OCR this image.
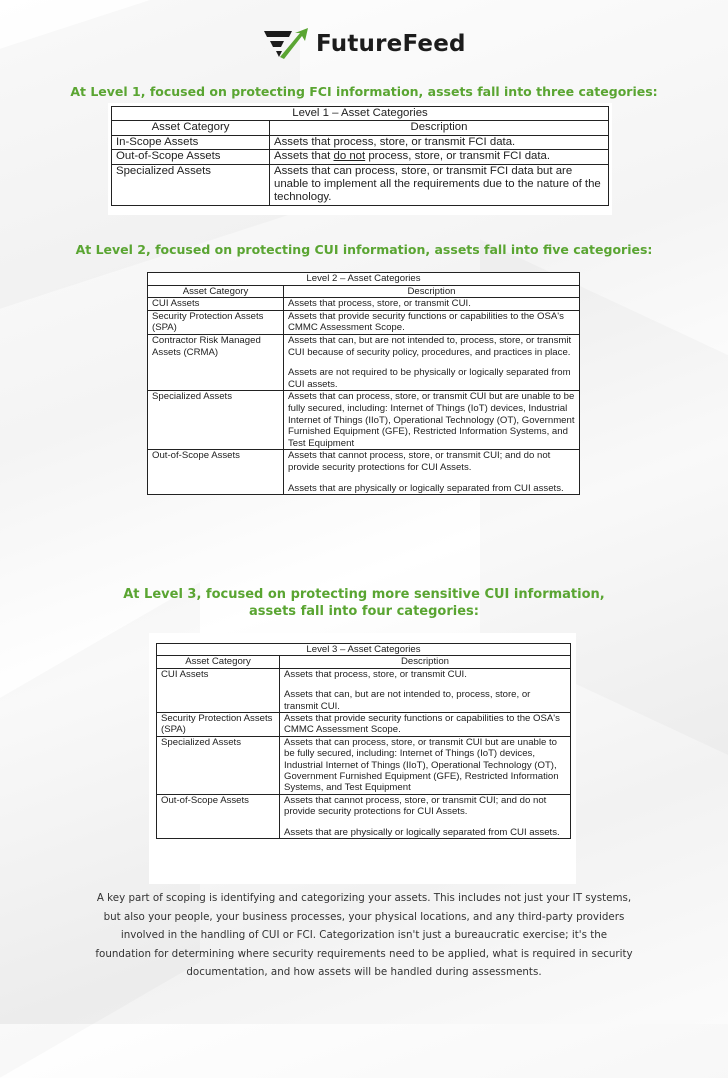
FutureFeed
At Level 1, focused on protecting FCI information, assets fall into three categories:
Level 1 – Asset Categories	
Asset Category	Description
In-Scope Assets	Assets that process, store, or transmit FCI data.
Out-of-Scope Assets	Assets that do not process, store, or transmit FCI data.
Specialized Assets	Assets that can process, store, or transmit FCI data but are unable to implement all the requirements due to the nature of the technology.
At Level 2, focused on protecting CUI information, assets fall into five categories:
Level 2 – Asset Categories	
Asset Category	Description
CUI Assets	Assets that process, store, or transmit CUI.
Security Protection Assets (SPA)	Assets that provide security functions or capabilities to the OSA's CMMC Assessment Scope.
Contractor Risk Managed Assets (CRMA)	Assets that can, but are not intended to, process, store, or transmit CUI because of security policy, procedures, and practices in place.
Assets are not required to be physically or logically separated from CUI assets.

Specialized Assets	Assets that can process, store, or transmit CUI but are unable to be fully secured, including: Internet of Things (IoT) devices, Industrial Internet of Things (IIoT), Operational Technology (OT), Government Furnished Equipment (GFE), Restricted Information Systems, and Test Equipment
Out-of-Scope Assets	Assets that cannot process, store, or transmit CUI; and do not provide security protections for CUI Assets.
Assets that are physically or logically separated from CUI assets.
At Level 3, focused on protecting more sensitive CUI information,
assets fall into four categories:
Level 3 – Asset Categories	
Asset Category	Description
CUI Assets	Assets that process, store, or transmit CUI.
Assets that can, but are not intended to, process, store, or transmit CUI.

Security Protection Assets (SPA)	Assets that provide security functions or capabilities to the OSA's CMMC Assessment Scope.
Specialized Assets	Assets that can process, store, or transmit CUI but are unable to be fully secured, including: Internet of Things (IoT) devices, Industrial Internet of Things (IIoT), Operational Technology (OT), Government Furnished Equipment (GFE), Restricted Information Systems, and Test Equipment
Out-of-Scope Assets	Assets that cannot process, store, or transmit CUI; and do not provide security protections for CUI Assets.
Assets that are physically or logically separated from CUI assets.
A key part of scoping is identifying and categorizing your assets. This includes not just your IT systems, but also your people, your business processes, your physical locations, and any third-party providers involved in the handling of CUI or FCI. Categorization isn't just a bureaucratic exercise; it's the foundation for determining where security requirements need to be applied, what is required in security documentation, and how assets will be handled during assessments.
